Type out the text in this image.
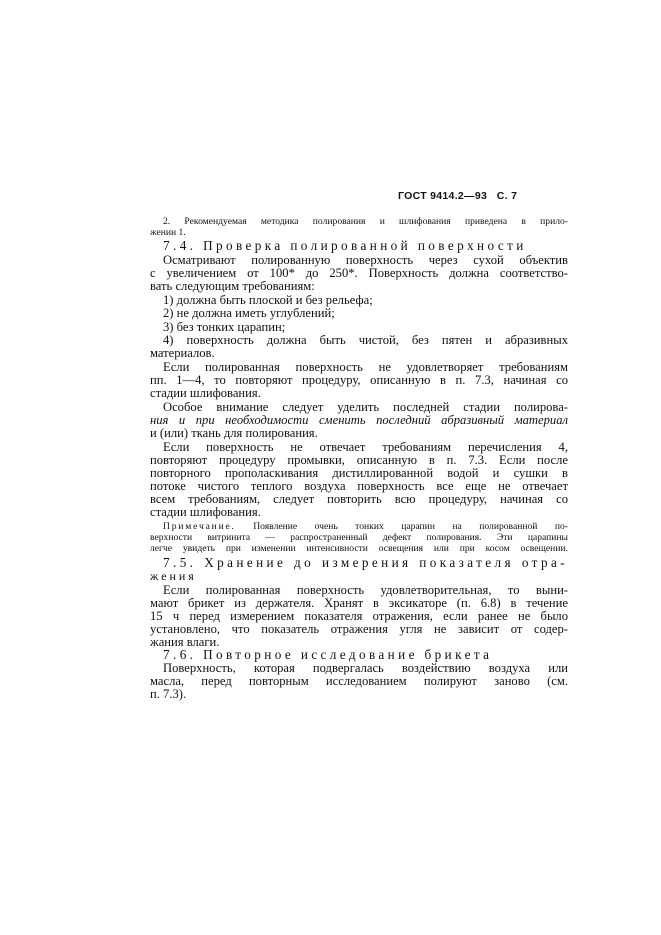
ГОСТ 9414.2—93 С. 7
2. Рекомендуемая методика полирования и шлифования приведена в прило-
жении 1.
7.4. Проверка полированной поверхности
Осматривают полированную поверхность через сухой объектив
с увеличением от 100* до 250*. Поверхность должна соответство-
вать следующим требованиям:
1) должна быть плоской и без рельефа;
2) не должна иметь углублений;
3) без тонких царапин;
4) поверхность должна быть чистой, без пятен и абразивных
материалов.
Если полированная поверхность не удовлетворяет требованиям
пп. 1—4, то повторяют процедуру, описанную в п. 7.3, начиная со
стадии шлифования.
Особое внимание следует уделить последней стадии полирова-
ния и при необходимости сменить последний абразивный материал
и (или) ткань для полирования.
Если поверхность не отвечает требованиям перечисления 4,
повторяют процедуру промывки, описанную в п. 7.3. Если после
повторного прополаскивания дистиллированной водой и сушки в
потоке чистого теплого воздуха поверхность все еще не отвечает
всем требованиям, следует повторить всю процедуру, начиная со
стадии шлифования.
Примечание. Появление очень тонких царапин на полированной по-
верхности витринита — распространенный дефект полирования. Эти царапины
легче увидеть при изменении интенсивности освещения или при косом освещении.
7.5. Хранение до измерения показателя отра-
жения
Если полированная поверхность удовлетворительная, то выни-
мают брикет из держателя. Хранят в эксикаторе (п. 6.8) в течение
15 ч перед измерением показателя отражения, если ранее не было
установлено, что показатель отражения угля не зависит от содер-
жания влаги.
7.6. Повторное исследование брикета
Поверхность, которая подвергалась воздействию воздуха или
масла, перед повторным исследованием полируют заново (см.
п. 7.3).
